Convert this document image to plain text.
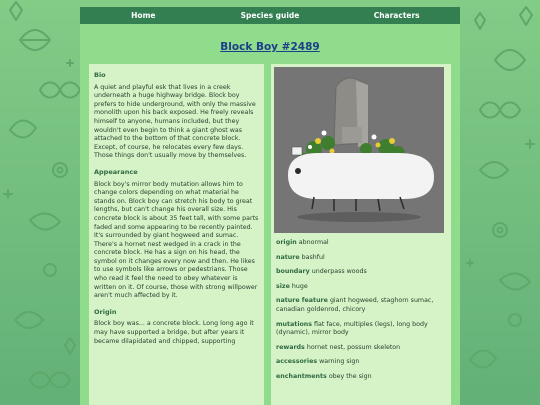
Home	Species guide	Characters
Block Boy #2489
Bio

A quiet and playful esk that lives in a creek underneath a huge highway bridge. Block boy prefers to hide underground, with only the massive monolith upon his back exposed. He freely reveals himself to anyone, humans included, but they wouldn't even begin to think a giant ghost was attached to the bottom of that concrete block. Except, of course, he relocates every few days. Those things don't usually move by themselves.

Appearance

Block boy's mirror body mutation allows him to change colors depending on what material he stands on. Block boy can stretch his body to great lengths, but can't change his overall size. His concrete block is about 35 feet tall, with some parts faded and some appearing to be recently painted. It's surrounded by giant hogweed and sumac. There's a hornet nest wedged in a crack in the concrete block. He has a sign on his head, the symbol on it changes every now and then. He likes to use symbols like arrows or pedestrians. Those who read it feel the need to obey whatever is written on it. Of course, those with strong willpower aren't much affected by it.

Origin

Block boy was... a concrete block. Long long ago it may have supported a bridge, but after years it became dilapidated and chipped, supporting

origin abnormal
nature bashful
boundary underpass woods
size huge
nature feature giant hogweed, staghorn sumac, canadian goldenrod, chicory
mutations flat face, multiples (legs), long body (dynamic), mirror body
rewards hornet nest, possum skeleton
accessories warning sign
enchantments obey the sign
